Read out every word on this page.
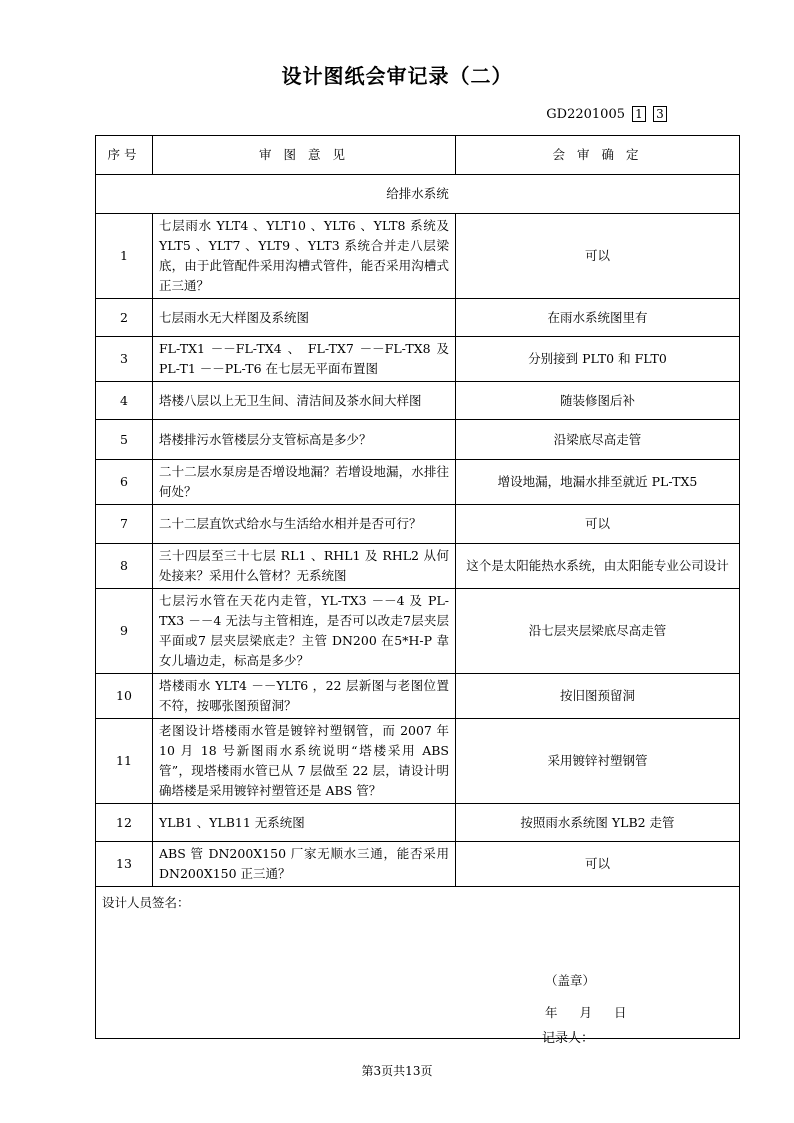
设计图纸会审记录（二）
GD2201005 1 3
序号	审 图 意 见	会 审 确 定
给排水系统		
1	七层雨水 YLT4 、YLT10 、YLT6 、YLT8 系统及 YLT5 、YLT7 、YLT9 、YLT3 系统合并走八层梁底，由于此管配件采用沟槽式管件，能否采用沟槽式正三通？	可以
2	七层雨水无大样图及系统图	在雨水系统图里有
3	FL-TX1 －－FL-TX4 、 FL-TX7 －－FL-TX8 及 PL-T1 －－PL-T6 在七层无平面布置图	分别接到 PLT0 和 FLT0
4	塔楼八层以上无卫生间、清洁间及茶水间大样图	随装修图后补
5	塔楼排污水管楼层分支管标高是多少？	沿梁底尽高走管
6	二十二层水泵房是否增设地漏？若增设地漏，水排往何处？	增设地漏，地漏水排至就近 PL-TX5
7	二十二层直饮式给水与生活给水相并是否可行？	可以
8	三十四层至三十七层 RL1 、RHL1 及 RHL2 从何处接来？采用什么管材？无系统图	这个是太阳能热水系统，由太阳能专业公司设计
9	七层污水管在天花内走管，YL-TX3 －－4 及 PL-TX3 －－4 无法与主管相连，是否可以改走7层夹层平面或7 层夹层梁底走？主管 DN200 在5*H-P 韋女儿墙边走，标高是多少？	沿七层夹层梁底尽高走管
10	塔楼雨水 YLT4 －－YLT6 ，22 层新图与老图位置不符，按哪张图预留洞？	按旧图预留洞
11	老图设计塔楼雨水管是镀锌衬塑钢管，而 2007 年 10 月 18 号新图雨水系统说明“塔楼采用 ABS 管”，现塔楼雨水管已从 7 层做至 22 层，请设计明确塔楼是采用镀锌衬塑管还是 ABS 管？	采用镀锌衬塑钢管
12	YLB1 、YLB11 无系统图	按照雨水系统图 YLB2 走管
13	ABS 管 DN200X150 厂家无顺水三通，能否采用 DN200X150 正三通？	可以

设计人员签名：
（盖章）
年 月 日		
记录人：
第3页共13页
